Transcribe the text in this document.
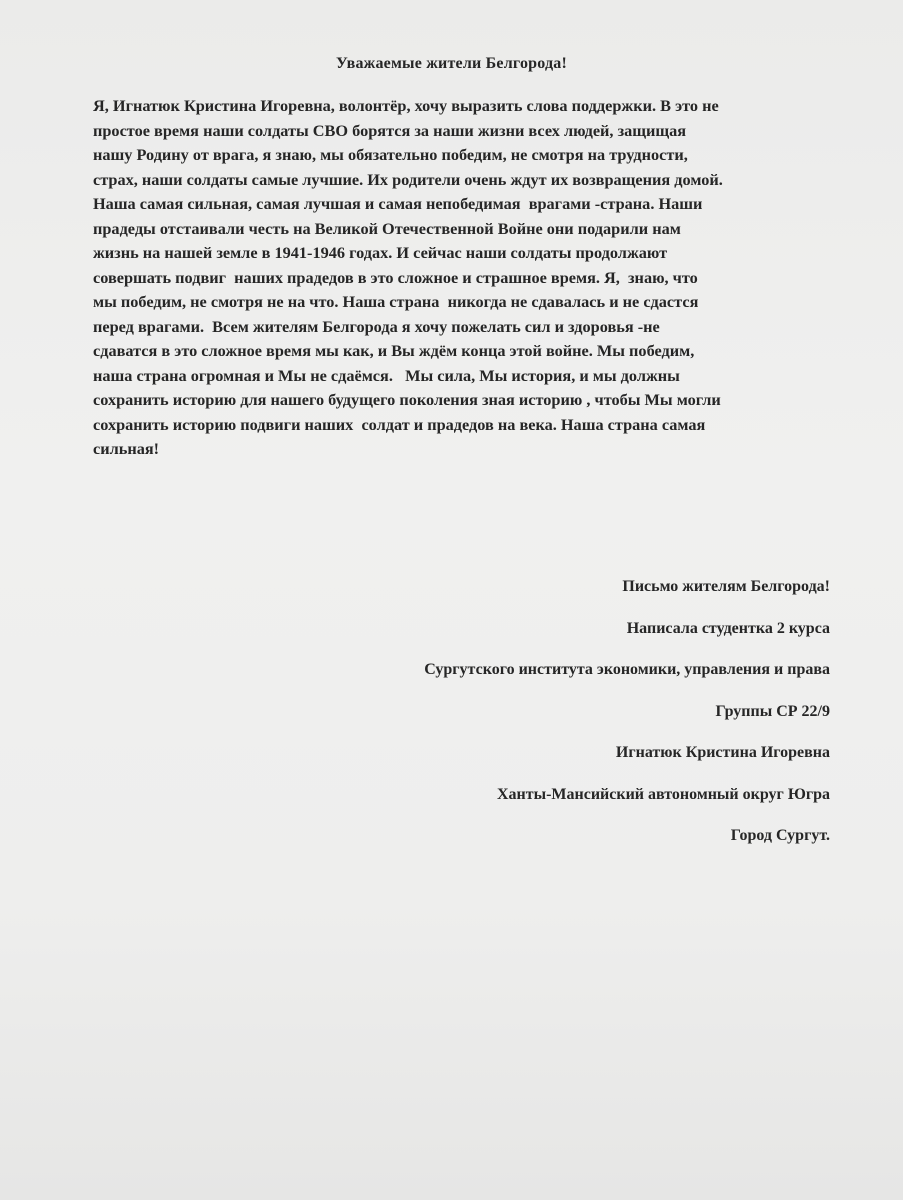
Уважаемые жители Белгорода!
Я, Игнатюк Кристина Игоревна, волонтёр, хочу выразить слова поддержки. В это не
простое время наши солдаты СВО борятся за наши жизни всех людей, защищая
нашу Родину от врага, я знаю, мы обязательно победим, не смотря на трудности,
страх, наши солдаты самые лучшие. Их родители очень ждут их возвращения домой.
Наша самая сильная, самая лучшая и самая непобедимая  врагами -страна. Наши
прадеды отстаивали честь на Великой Отечественной Войне они подарили нам
жизнь на нашей земле в 1941-1946 годах. И сейчас наши солдаты продолжают
совершать подвиг  наших прадедов в это сложное и страшное время. Я,  знаю, что
мы победим, не смотря не на что. Наша страна  никогда не сдавалась и не сдастся
перед врагами.  Всем жителям Белгорода я хочу пожелать сил и здоровья -не
сдаватся в это сложное время мы как, и Вы ждём конца этой войне. Мы победим,
наша страна огромная и Мы не сдаёмся.   Мы сила, Мы история, и мы должны
сохранить историю для нашего будущего поколения зная историю , чтобы Мы могли
сохранить историю подвиги наших  солдат и прадедов на века. Наша страна самая
сильная!
Письмо жителям Белгорода!
Написала студентка 2 курса
Сургутского института экономики, управления и права
Группы СР 22/9
Игнатюк Кристина Игоревна
Ханты-Мансийский автономный округ Югра
Город Сургут.
